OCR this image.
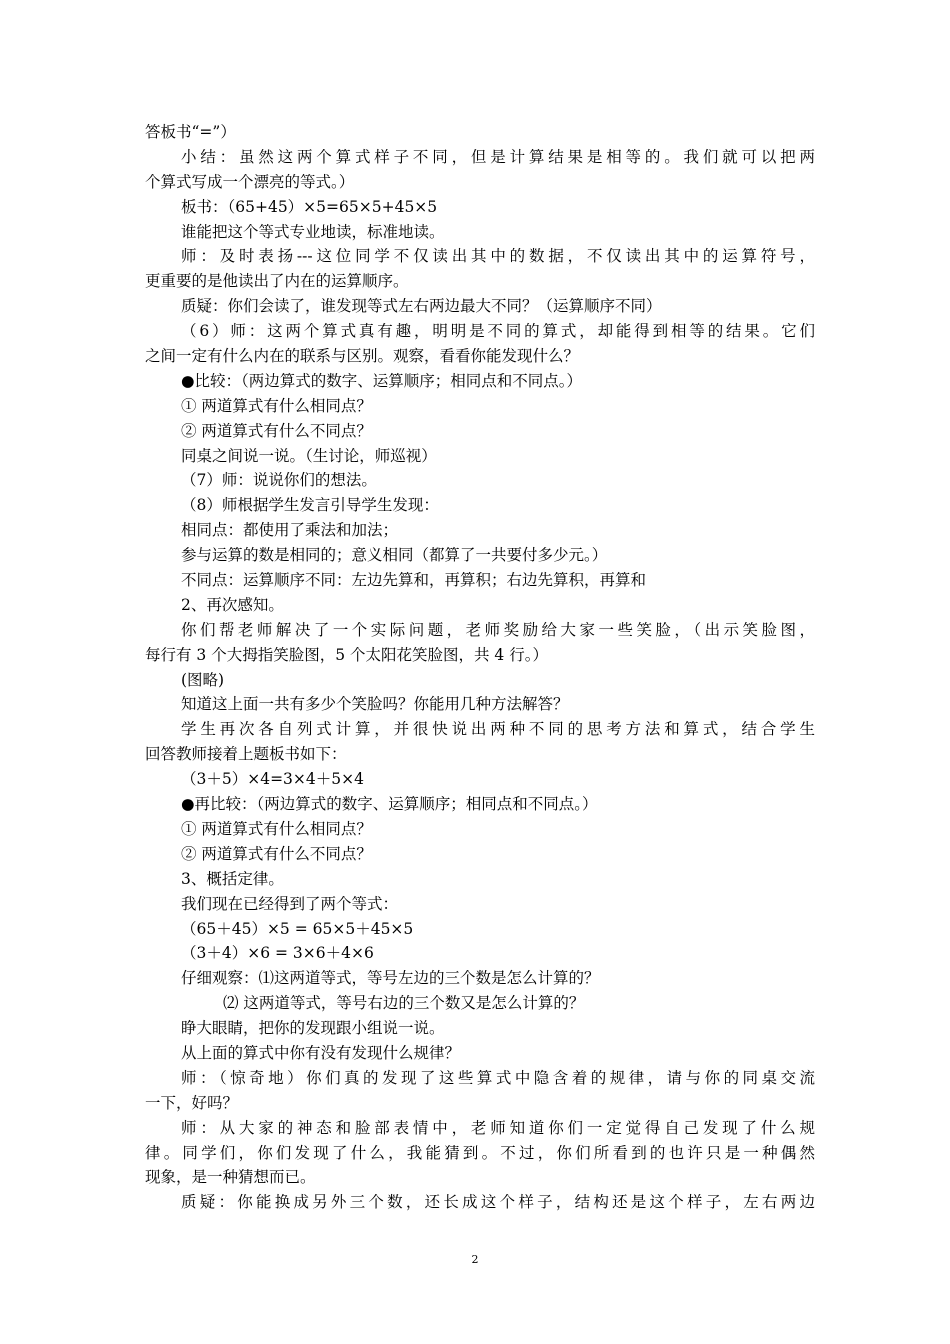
答板书“=”）
小结：虽然这两个算式样子不同，但是计算结果是相等的。我们就可以把两
个算式写成一个漂亮的等式。）
板书：（65+45）×5=65×5+45×5
谁能把这个等式专业地读，标准地读。
师：及时表扬---这位同学不仅读出其中的数据，不仅读出其中的运算符号，
更重要的是他读出了内在的运算顺序。
质疑：你们会读了，谁发现等式左右两边最大不同？（运算顺序不同）
（6）师：这两个算式真有趣，明明是不同的算式，却能得到相等的结果。它们
之间一定有什么内在的联系与区别。观察，看看你能发现什么？
●比较：（两边算式的数字、运算顺序；相同点和不同点。）
① 两道算式有什么相同点？
② 两道算式有什么不同点？
同桌之间说一说。（生讨论，师巡视）
（7）师：说说你们的想法。
（8）师根据学生发言引导学生发现：
相同点：都使用了乘法和加法；
参与运算的数是相同的；意义相同（都算了一共要付多少元。）
不同点：运算顺序不同：左边先算和，再算积；右边先算积，再算和
2、再次感知。
你们帮老师解决了一个实际问题，老师奖励给大家一些笑脸，（出示笑脸图，
每行有 3 个大拇指笑脸图，5 个太阳花笑脸图，共 4 行。）
(图略)
知道这上面一共有多少个笑脸吗？你能用几种方法解答？
学生再次各自列式计算，并很快说出两种不同的思考方法和算式，结合学生
回答教师接着上题板书如下：
（3＋5）×4=3×4＋5×4
●再比较：（两边算式的数字、运算顺序；相同点和不同点。）
① 两道算式有什么相同点？
② 两道算式有什么不同点？
3、概括定律。
我们现在已经得到了两个等式：
（65＋45）×5 = 65×5＋45×5
（3＋4）×6 = 3×6＋4×6
仔细观察：⑴这两道等式，等号左边的三个数是怎么计算的？
⑵ 这两道等式，等号右边的三个数又是怎么计算的？
睁大眼睛，把你的发现跟小组说一说。
从上面的算式中你有没有发现什么规律？
师：（惊奇地）你们真的发现了这些算式中隐含着的规律，请与你的同桌交流
一下，好吗？
师：从大家的神态和脸部表情中，老师知道你们一定觉得自己发现了什么规
律。同学们，你们发现了什么，我能猜到。不过，你们所看到的也许只是一种偶然
现象，是一种猜想而已。
质疑：你能换成另外三个数，还长成这个样子，结构还是这个样子，左右两边
2
